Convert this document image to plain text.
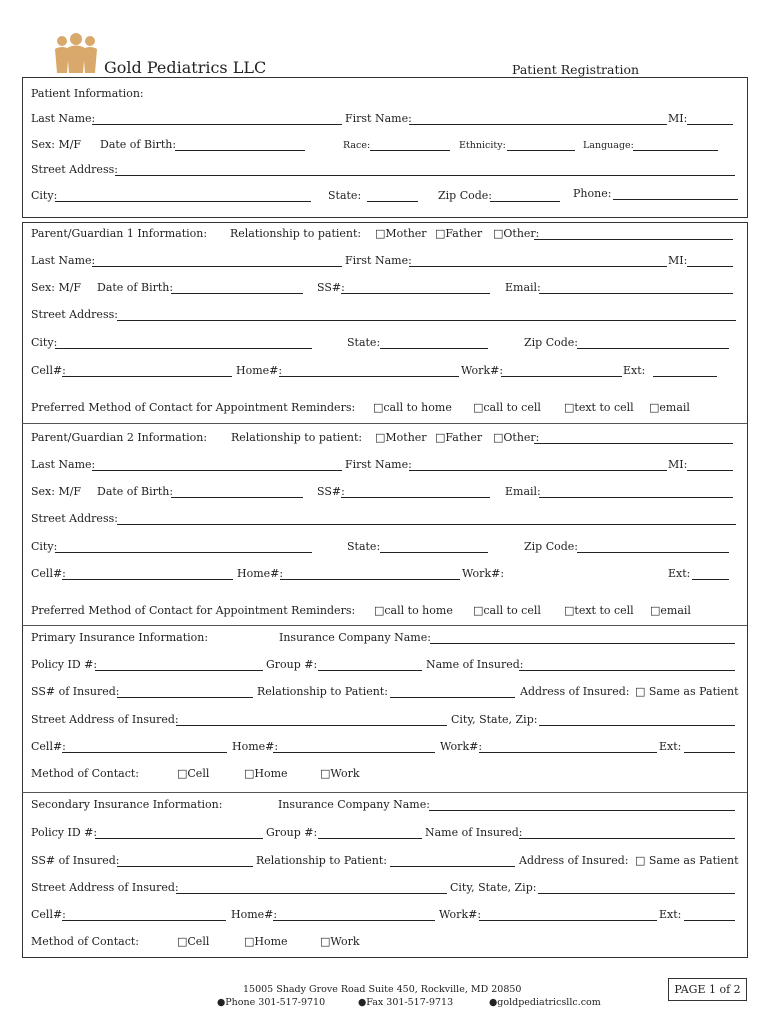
Gold Pediatrics LLC	Patient Registration
Patient Information:
Last Name:	First Name:	MI:
Sex: M/F Date of Birth:	Race:	Ethnicity:	Language:
Street Address:
City:	State:	Zip Code:	Phone:
Parent/Guardian 1 Information: Relationship to patient: □Mother □Father □Other:
Last Name:	First Name:	MI:
Sex: M/F Date of Birth:	SS#:	Email:
Street Address:
City:	State:	Zip Code:
Cell#:	Home#:	Work#:	Ext:
Preferred Method of Contact for Appointment Reminders: □call to home □call to cell □text to cell □email
Parent/Guardian 2 Information: Relationship to patient: □Mother □Father □Other:
Last Name:	First Name:	MI:
Sex: M/F Date of Birth:	SS#:	Email:
Street Address:
City:	State:	Zip Code:
Cell#:	Home#:	Work#:	Ext:
Preferred Method of Contact for Appointment Reminders: □call to home □call to cell □text to cell □email
Primary Insurance Information:	Insurance Company Name:
Policy ID #:	Group #:	Name of Insured:
SS# of Insured:	Relationship to Patient:	Address of Insured: □ Same as Patient
Street Address of Insured:	City, State, Zip:
Cell#:	Home#:	Work#:	Ext:
Method of Contact:	□Cell	□Home	□Work
Secondary Insurance Information:	Insurance Company Name:
Policy ID #:	Group #:	Name of Insured:
SS# of Insured:	Relationship to Patient:	Address of Insured: □ Same as Patient
Street Address of Insured:	City, State, Zip:
Cell#:	Home#:	Work#:	Ext:
Method of Contact:	□Cell	□Home	□Work
15005 Shady Grove Road Suite 450, Rockville, MD 20850
●Phone 301-517-9710	●Fax 301-517-9713	●goldpediatricsllc.com
PAGE 1 of 2
